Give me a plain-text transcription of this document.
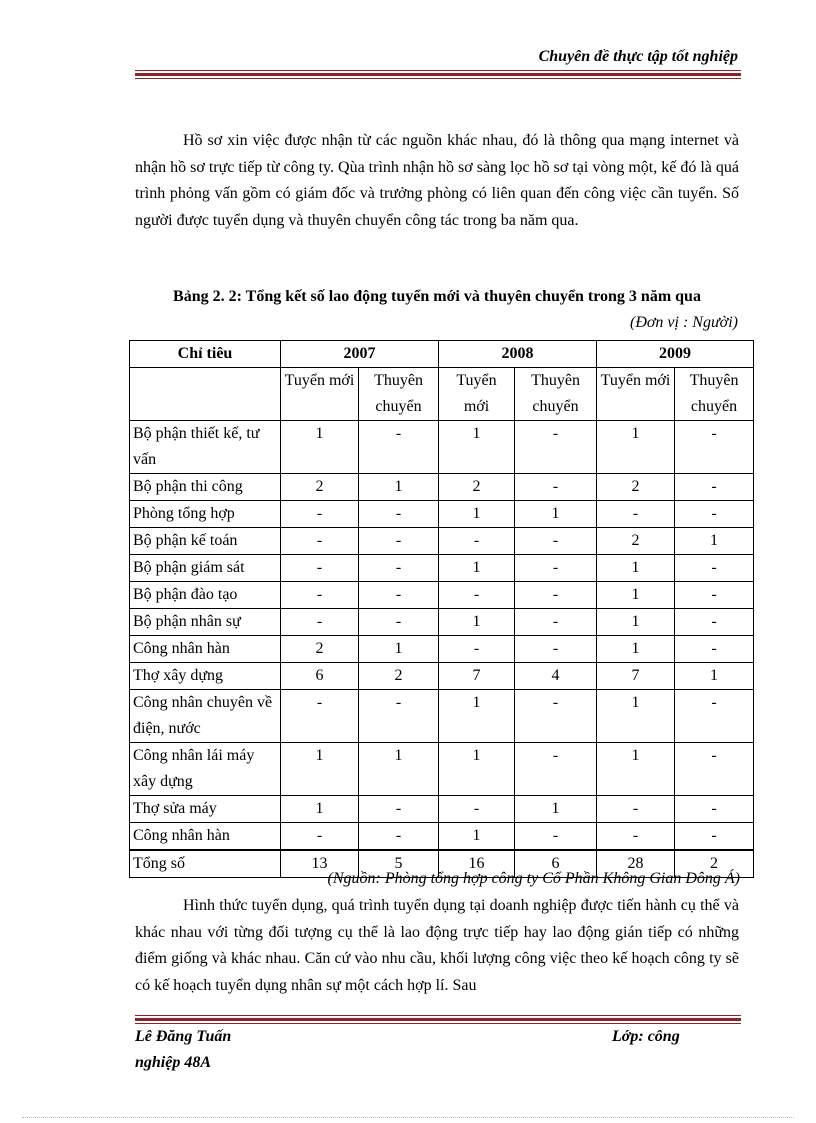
Chuyên đề thực tập tốt nghiệp

Hồ sơ xin việc được nhận từ các nguồn khác nhau, đó là thông qua mạng internet và nhận hồ sơ trực tiếp từ công ty. Qùa trình nhận hồ sơ sàng lọc hồ sơ tại vòng một, kế đó là quá trình phỏng vấn gồm có giám đốc và trưởng phòng có liên quan đến công việc cần tuyển. Số người được tuyển dụng và thuyên chuyển công tác trong ba năm qua.

Bảng 2. 2: Tổng kết số lao động tuyển mới và thuyên chuyển trong 3 năm qua
(Đơn vị : Người)
Chỉ tiêu	2007		2008		2009	
	Tuyển mới	Thuyên chuyển	Tuyển mới	Thuyên chuyển	Tuyển mới	Thuyên chuyển
Bộ phận thiết kế, tư vấn	1	-	1	-	1	-
Bộ phận thi công	2	1	2	-	2	-
Phòng tổng hợp	-	-	1	1	-	-
Bộ phận kế toán	-	-	-	-	2	1
Bộ phận giám sát	-	-	1	-	1	-
Bộ phận đào tạo	-	-	-	-	1	-
Bộ phận nhân sự	-	-	1	-	1	-
Công nhân hàn	2	1	-	-	1	-
Thợ xây dựng	6	2	7	4	7	1
Công nhân chuyên về điện, nước	-	-	1	-	1	-
Công nhân lái máy xây dựng	1	1	1	-	1	-
Thợ sửa máy	1	-	-	1	-	-
Công nhân hàn	-	-	1	-	-	-
Tổng số	13	5	16	6	28	2
(Nguồn: Phòng tổng hợp công ty Cổ Phần Không Gian Đông Á)

Hình thức tuyển dụng, quá trình tuyển dụng tại doanh nghiệp được tiến hành cụ thể và khác nhau với từng đối tượng cụ thể là lao động trực tiếp hay lao động gián tiếp có những điểm giống và khác nhau. Căn cứ vào nhu cầu, khối lượng công việc theo kế hoạch công ty sẽ có kế hoạch tuyển dụng nhân sự một cách hợp lí. Sau

Lê Đăng Tuấn
nghiệp 48A
Lớp: công
